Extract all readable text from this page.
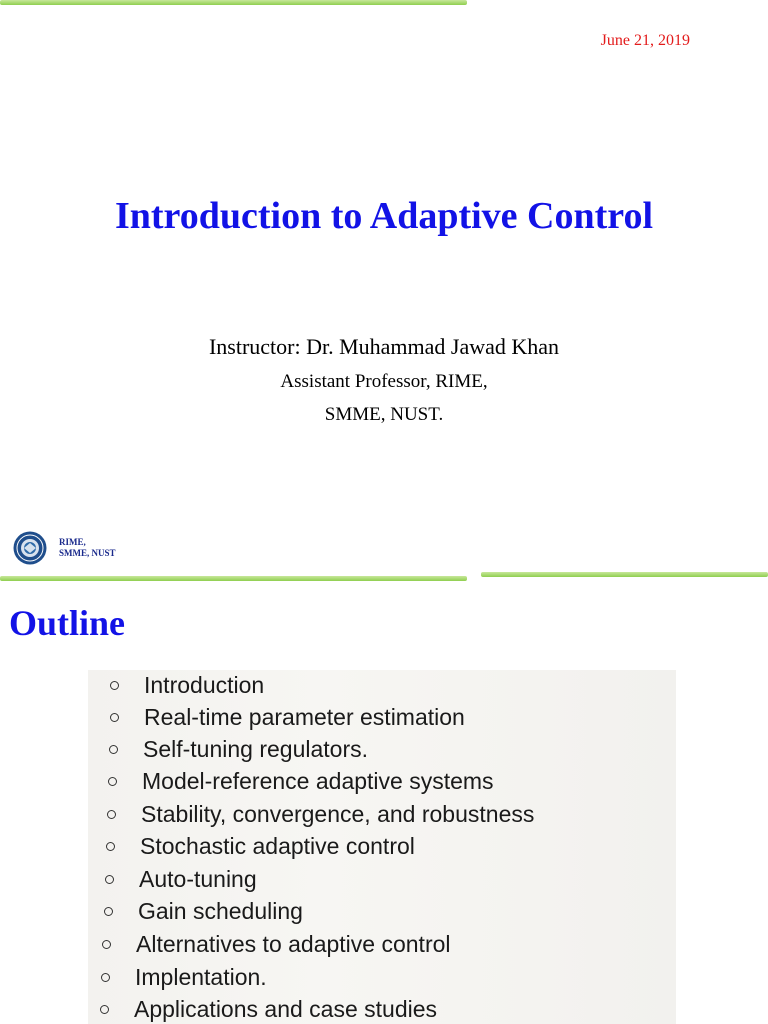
June 21, 2019
Introduction to Adaptive Control
Instructor: Dr. Muhammad Jawad Khan
Assistant Professor, RIME,
SMME, NUST.
RIME,
SMME, NUST
Outline
Introduction
Real-time parameter estimation
Self-tuning regulators.
Model-reference adaptive systems
Stability, convergence, and robustness
Stochastic adaptive control
Auto-tuning
Gain scheduling
Alternatives to adaptive control
Implentation.
Applications and case studies
